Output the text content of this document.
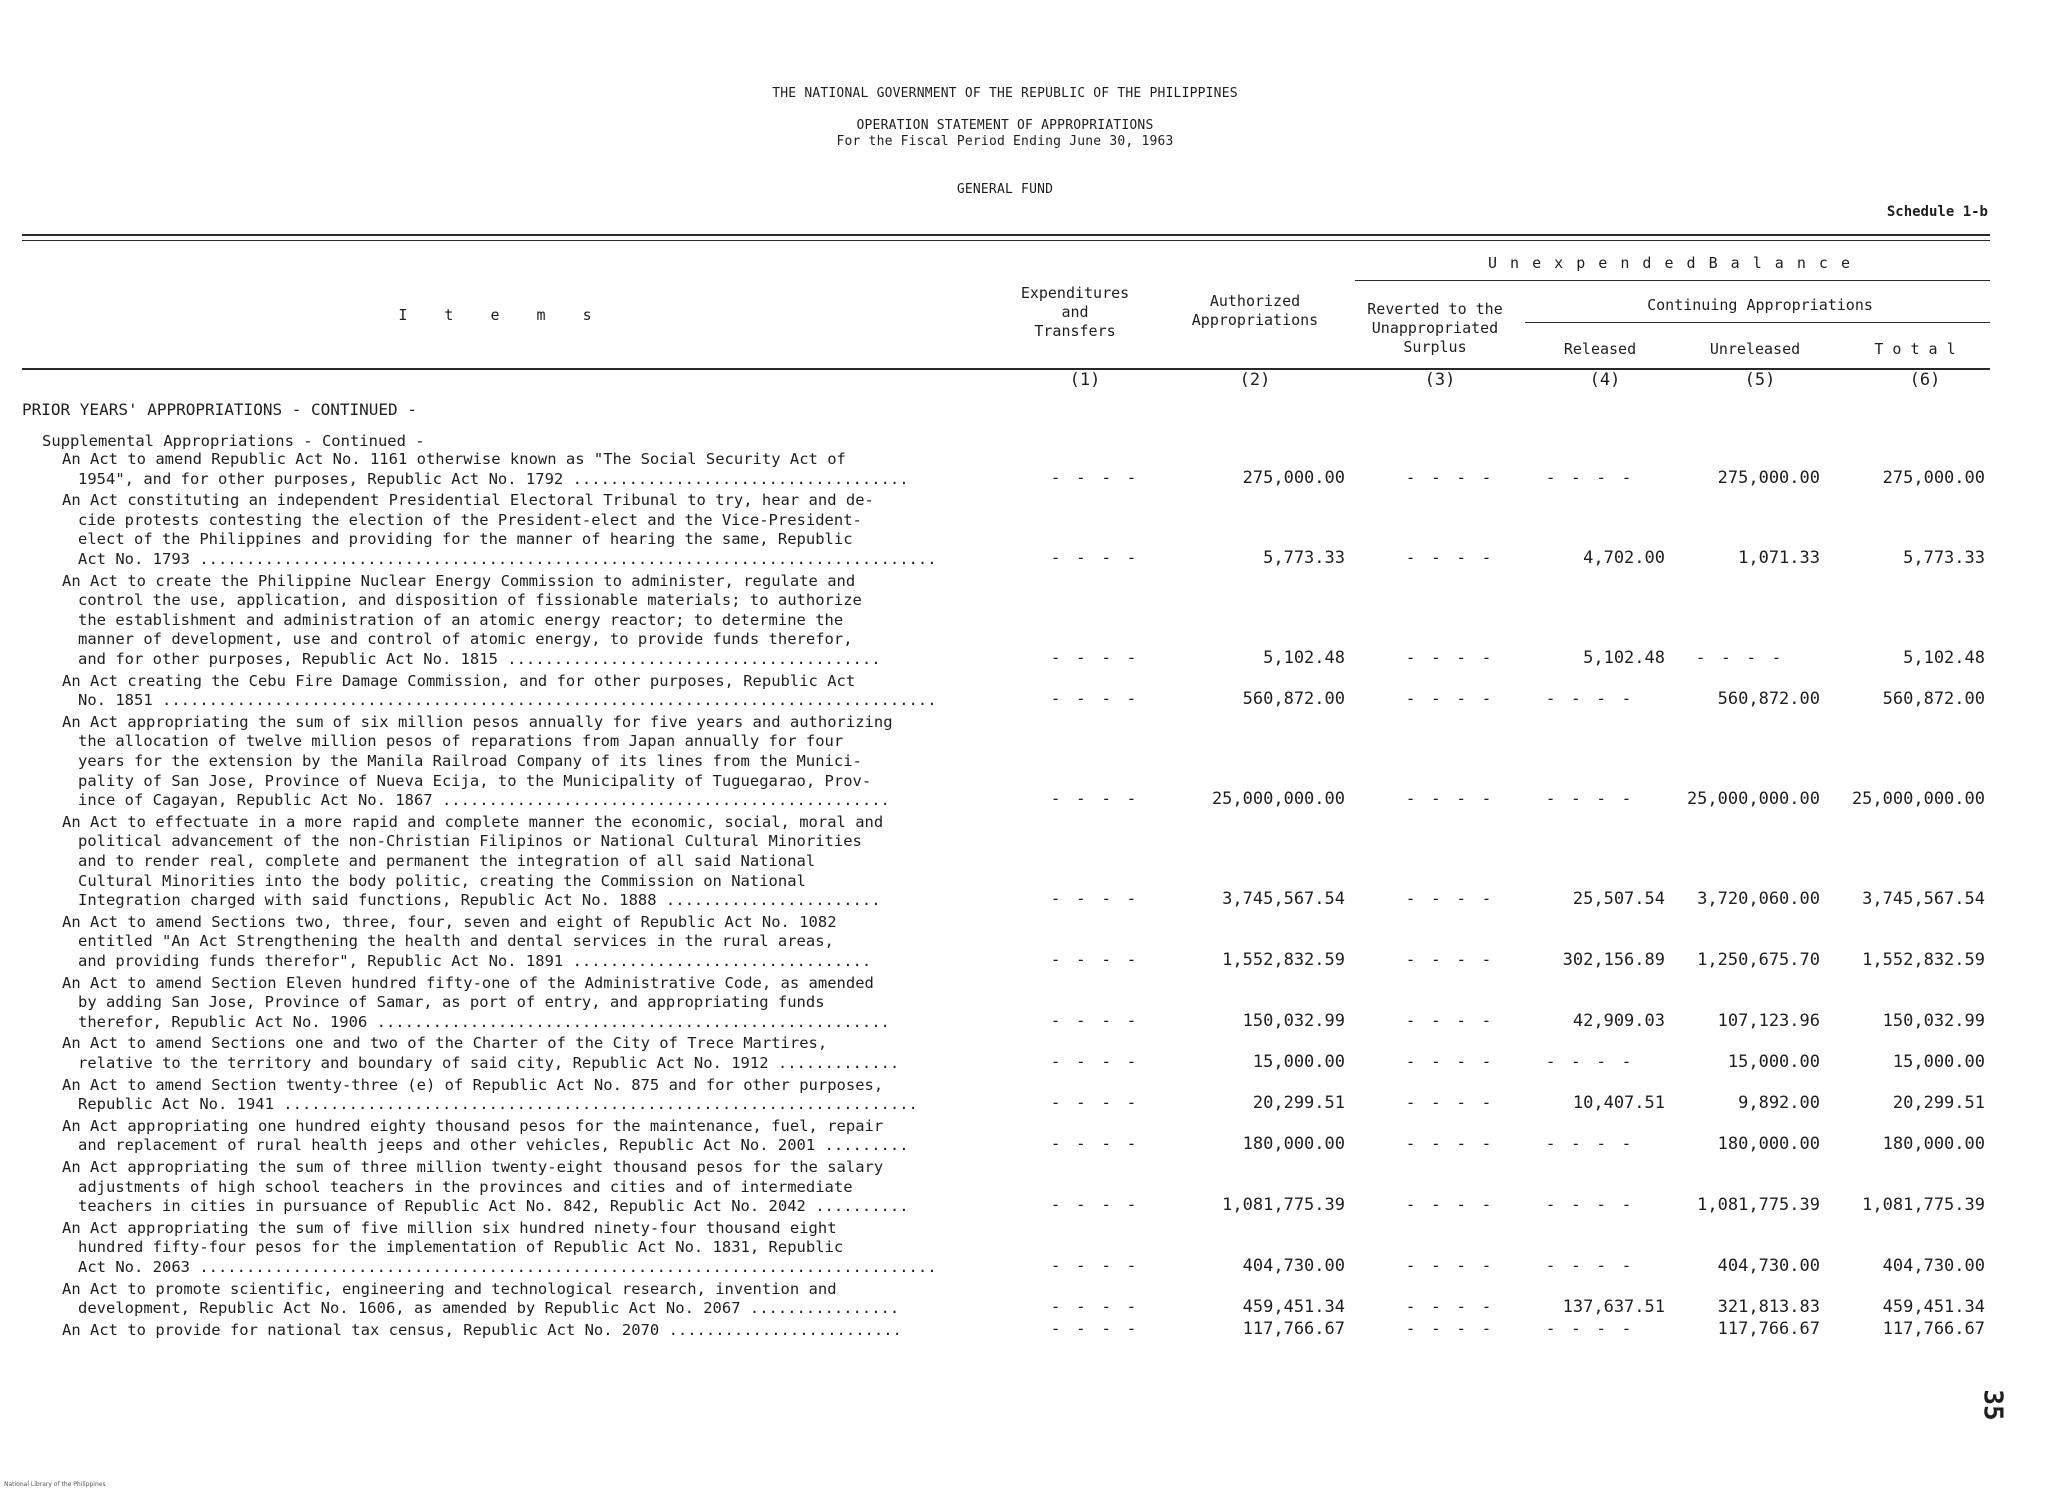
THE NATIONAL GOVERNMENT OF THE REPUBLIC OF THE PHILIPPINES
OPERATION STATEMENT OF APPROPRIATIONS
For the Fiscal Period Ending June 30, 1963
GENERAL FUND
Schedule 1-b
I t e m s
Expenditures
and
Transfers
Authorized
Appropriations
U n e x p e n d e d B a l a n c e
Reverted to the
Unappropriated
Surplus
Continuing Appropriations
Released	Unreleased	T o t a l
(1)	(2)	(3)	(4)	(5)	(6)
PRIOR YEARS' APPROPRIATIONS - CONTINUED -
Supplemental Appropriations - Continued -
An Act to amend Republic Act No. 1161 otherwise known as "The Social Security Act of
1954", and for other purposes, Republic Act No. 1792 ....................................	- - - -	275,000.00	- - - -	- - - -	275,000.00	275,000.00
An Act constituting an independent Presidential Electoral Tribunal to try, hear and de-
cide protests contesting the election of the President-elect and the Vice-President-
elect of the Philippines and providing for the manner of hearing the same, Republic
Act No. 1793 ...............................................................................	- - - -	5,773.33	- - - -	4,702.00	1,071.33	5,773.33
An Act to create the Philippine Nuclear Energy Commission to administer, regulate and
control the use, application, and disposition of fissionable materials; to authorize
the establishment and administration of an atomic energy reactor; to determine the
manner of development, use and control of atomic energy, to provide funds therefor,
and for other purposes, Republic Act No. 1815 ........................................	- - - -	5,102.48	- - - -	5,102.48	- - - -	5,102.48
An Act creating the Cebu Fire Damage Commission, and for other purposes, Republic Act
No. 1851 ...................................................................................	- - - -	560,872.00	- - - -	- - - -	560,872.00	560,872.00
An Act appropriating the sum of six million pesos annually for five years and authorizing
the allocation of twelve million pesos of reparations from Japan annually for four
years for the extension by the Manila Railroad Company of its lines from the Munici-
pality of San Jose, Province of Nueva Ecija, to the Municipality of Tuguegarao, Prov-
ince of Cagayan, Republic Act No. 1867 ................................................	- - - -	25,000,000.00	- - - -	- - - -	25,000,000.00	25,000,000.00
An Act to effectuate in a more rapid and complete manner the economic, social, moral and
political advancement of the non-Christian Filipinos or National Cultural Minorities
and to render real, complete and permanent the integration of all said National
Cultural Minorities into the body politic, creating the Commission on National
Integration charged with said functions, Republic Act No. 1888 .......................	- - - -	3,745,567.54	- - - -	25,507.54	3,720,060.00	3,745,567.54
An Act to amend Sections two, three, four, seven and eight of Republic Act No. 1082
entitled "An Act Strengthening the health and dental services in the rural areas,
and providing funds therefor", Republic Act No. 1891 ................................	- - - -	1,552,832.59	- - - -	302,156.89	1,250,675.70	1,552,832.59
An Act to amend Section Eleven hundred fifty-one of the Administrative Code, as amended
by adding San Jose, Province of Samar, as port of entry, and appropriating funds
therefor, Republic Act No. 1906 .......................................................	- - - -	150,032.99	- - - -	42,909.03	107,123.96	150,032.99
An Act to amend Sections one and two of the Charter of the City of Trece Martires,
relative to the territory and boundary of said city, Republic Act No. 1912 .............	- - - -	15,000.00	- - - -	- - - -	15,000.00	15,000.00
An Act to amend Section twenty-three (e) of Republic Act No. 875 and for other purposes,
Republic Act No. 1941 ....................................................................	- - - -	20,299.51	- - - -	10,407.51	9,892.00	20,299.51
An Act appropriating one hundred eighty thousand pesos for the maintenance, fuel, repair
and replacement of rural health jeeps and other vehicles, Republic Act No. 2001 .........	- - - -	180,000.00	- - - -	- - - -	180,000.00	180,000.00
An Act appropriating the sum of three million twenty-eight thousand pesos for the salary
adjustments of high school teachers in the provinces and cities and of intermediate
teachers in cities in pursuance of Republic Act No. 842, Republic Act No. 2042 ..........	- - - -	1,081,775.39	- - - -	- - - -	1,081,775.39	1,081,775.39
An Act appropriating the sum of five million six hundred ninety-four thousand eight
hundred fifty-four pesos for the implementation of Republic Act No. 1831, Republic
Act No. 2063 ...............................................................................	- - - -	404,730.00	- - - -	- - - -	404,730.00	404,730.00
An Act to promote scientific, engineering and technological research, invention and
development, Republic Act No. 1606, as amended by Republic Act No. 2067 ................	- - - -	459,451.34	- - - -	137,637.51	321,813.83	459,451.34
An Act to provide for national tax census, Republic Act No. 2070 .........................	- - - -	117,766.67	- - - -	- - - -	117,766.67	117,766.67
35
National Library of the Philippines
